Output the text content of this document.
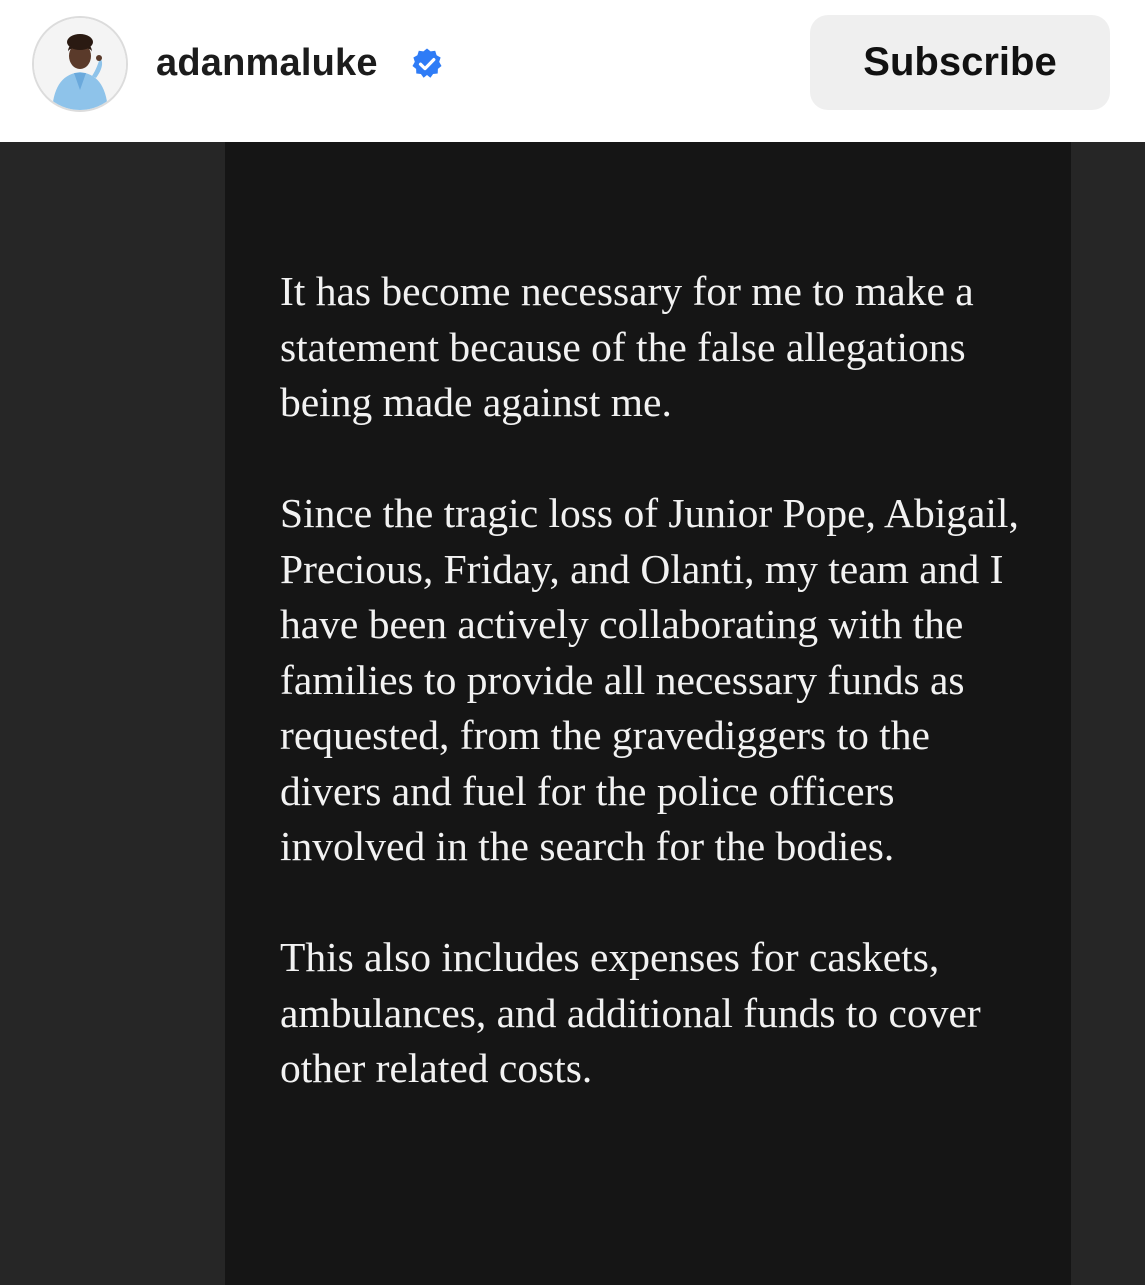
adanmaluke	Subscribe

It has become necessary for me to make a statement because of the false allegations being made against me.

Since the tragic loss of Junior Pope, Abigail, Precious, Friday, and Olanti, my team and I have been actively collaborating with the families to provide all necessary funds as requested, from the gravediggers to the divers and fuel for the police officers involved in the search for the bodies.

This also includes expenses for caskets, ambulances, and additional funds to cover other related costs.
